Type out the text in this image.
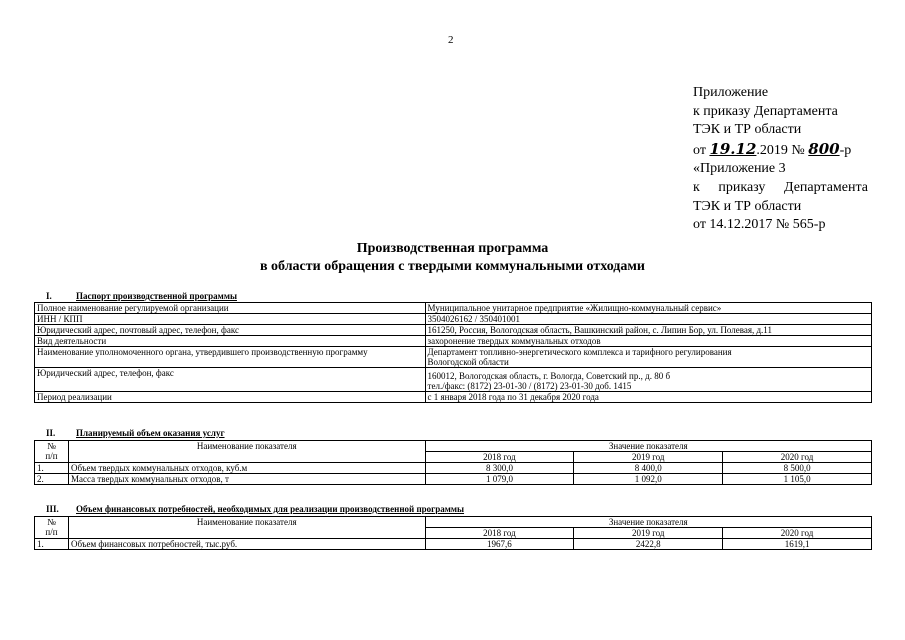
2
Приложение
к приказу Департамента
ТЭК и ТР области
от 19.12.2019 № 800-р
«Приложение 3
к приказу Департамента
ТЭК и ТР области
от 14.12.2017 № 565-р
Производственная программа
в области обращения с твердыми коммунальными отходами
I.	Паспорт производственной программы
Полное наименование регулируемой организации	Муниципальное унитарное предприятие «Жилищно-коммунальный сервис»
ИНН / КПП	3504026162 / 350401001
Юридический адрес, почтовый адрес, телефон, факс	161250, Россия, Вологодская область, Вашкинский район, с. Липин Бор, ул. Полевая, д.11
Вид деятельности	захоронение твердых коммунальных отходов
Наименование уполномоченного органа, утвердившего производственную программу	Департамент топливно-энергетического комплекса и тарифного регулирования
Вологодской области

Юридический адрес, телефон, факс	160012, Вологодская область, г. Вологда, Советский пр., д. 80 б
тел./факс: (8172) 23-01-30 / (8172) 23-01-30 доб. 1415

Период реализации	с 1 января 2018 года по 31 декабря 2020 года
II. Планируемый объем оказания услуг
№
п/п	Наименование показателя	Значение показателя		
		2018 год	2019 год	2020 год
1.	Объем твердых коммунальных отходов, куб.м	8 300,0	8 400,0	8 500,0
2.	Масса твердых коммунальных отходов, т	1 079,0	1 092,0	1 105,0
III. Объем финансовых потребностей, необходимых для реализации производственной программы
№
п/п	Наименование показателя	Значение показателя		
		2018 год	2019 год	2020 год
1.	Объем финансовых потребностей, тыс.руб.	1967,6	2422,8	1619,1
